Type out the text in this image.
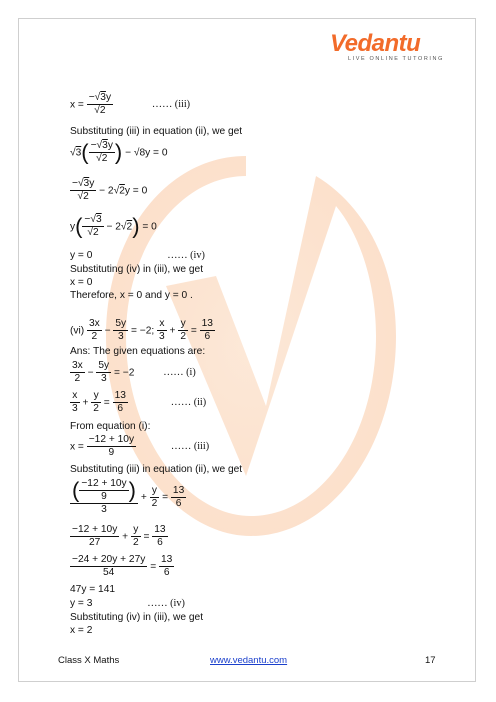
Vedantu
LIVE ONLINE TUTORING
$x = \frac{-√3y}{√2}$	…… (iii)
Substituting (iii) in equation (ii), we get
$√3( \frac{-√3y}{√2}$ ) − √8y = 0
$\frac{-√3y}{√2} - 2√2y = 0$
$y( \frac{-√3}{√2} - 2√2) = 0$
y = 0	…… (iv)
Substituting (iv) in (iii), we get
x = 0
Therefore, x = 0 and y = 0 .
$(vi) \frac{3x}{2} - \frac{5y}{3} = -2$; $\frac{x}{3} + \frac{y}{2} = \frac{13}{6}$
Ans: The given equations are:
$\frac{3x}{2} - \frac{5y}{3} = -2$	…… (i)
$\frac{x}{3} + \frac{y}{2} = \frac{13}{6}$	…… (ii)
From equation (i):
$x = \frac{-12 + 10y}{9}$	…… (iii)
Substituting (iii) in equation (ii), we get
$\frac{( \frac{-12 + 10y}{9} )}{3} + \frac{y}{2} = \frac{13}{6}$
$\frac{-12 + 10y}{27} + \frac{y}{2} = \frac{13}{6}$
$\frac{-24 + 20y + 27y}{54} = \frac{13}{6}$
47y = 141
y = 3	…… (iv)
Substituting (iv) in (iii), we get
x = 2
Class X Maths	www.vedantu.com	17
